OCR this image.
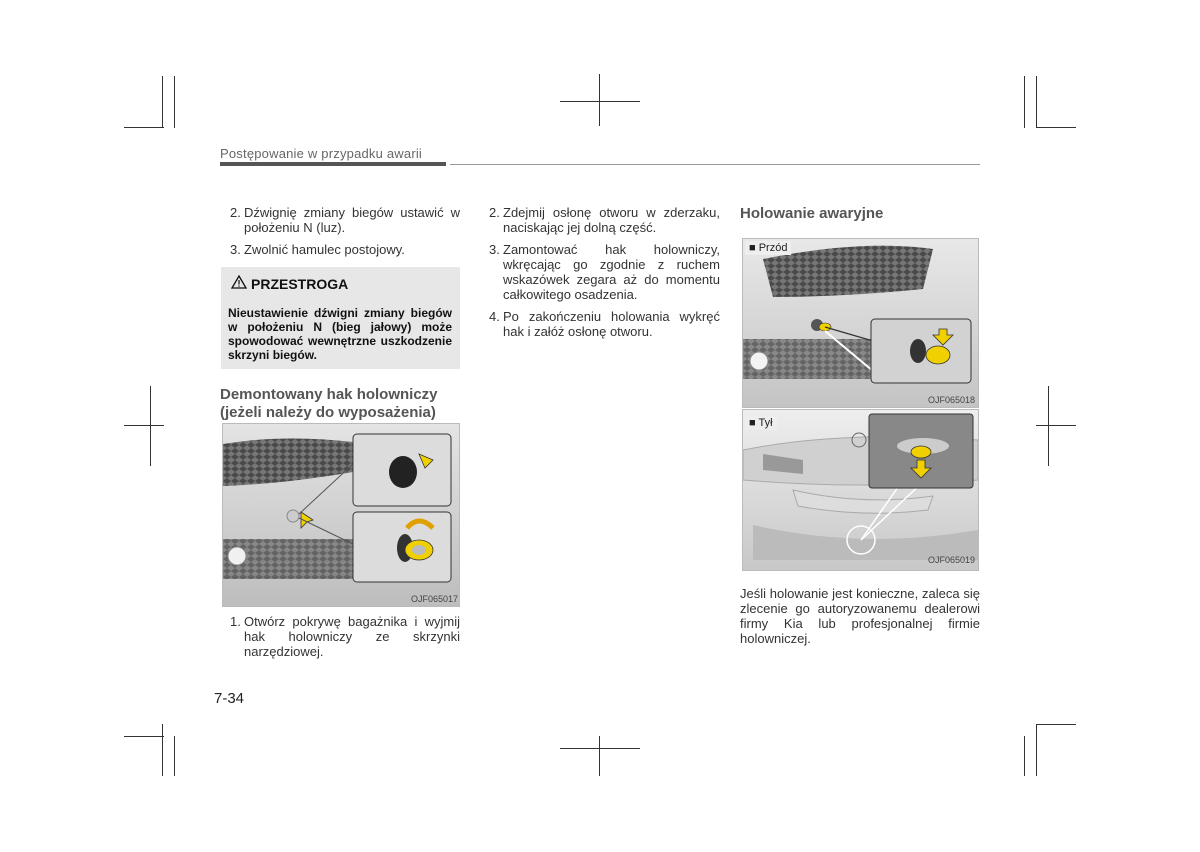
Postępowanie w przypadku awarii
2. Dźwignię zmiany biegów ustawić w położeniu N (luz).
3. Zwolnić hamulec postojowy.
PRZESTROGA
Nieustawienie dźwigni zmiany biegów w położeniu N (bieg jałowy) może spowodować wewnętrzne uszkodzenie skrzyni biegów.
Demontowany hak holowniczy (jeżeli należy do wyposażenia)
OJF065017
1. Otwórz pokrywę bagażnika i wyjmij hak holowniczy ze skrzynki narzędziowej.
2. Zdejmij osłonę otworu w zderzaku, naciskając jej dolną część.
3. Zamontować hak holowniczy, wkręcając go zgodnie z ruchem wskazówek zegara aż do momentu całkowitego osadzenia.
4. Po zakończeniu holowania wykręć hak i załóż osłonę otworu.
Holowanie awaryjne
■ Przód
OJF065018
■ Tył
OJF065019
Jeśli holowanie jest konieczne, zaleca się zlecenie go autoryzowanemu dealerowi firmy Kia lub profesjonalnej firmie holowniczej.
7-34
